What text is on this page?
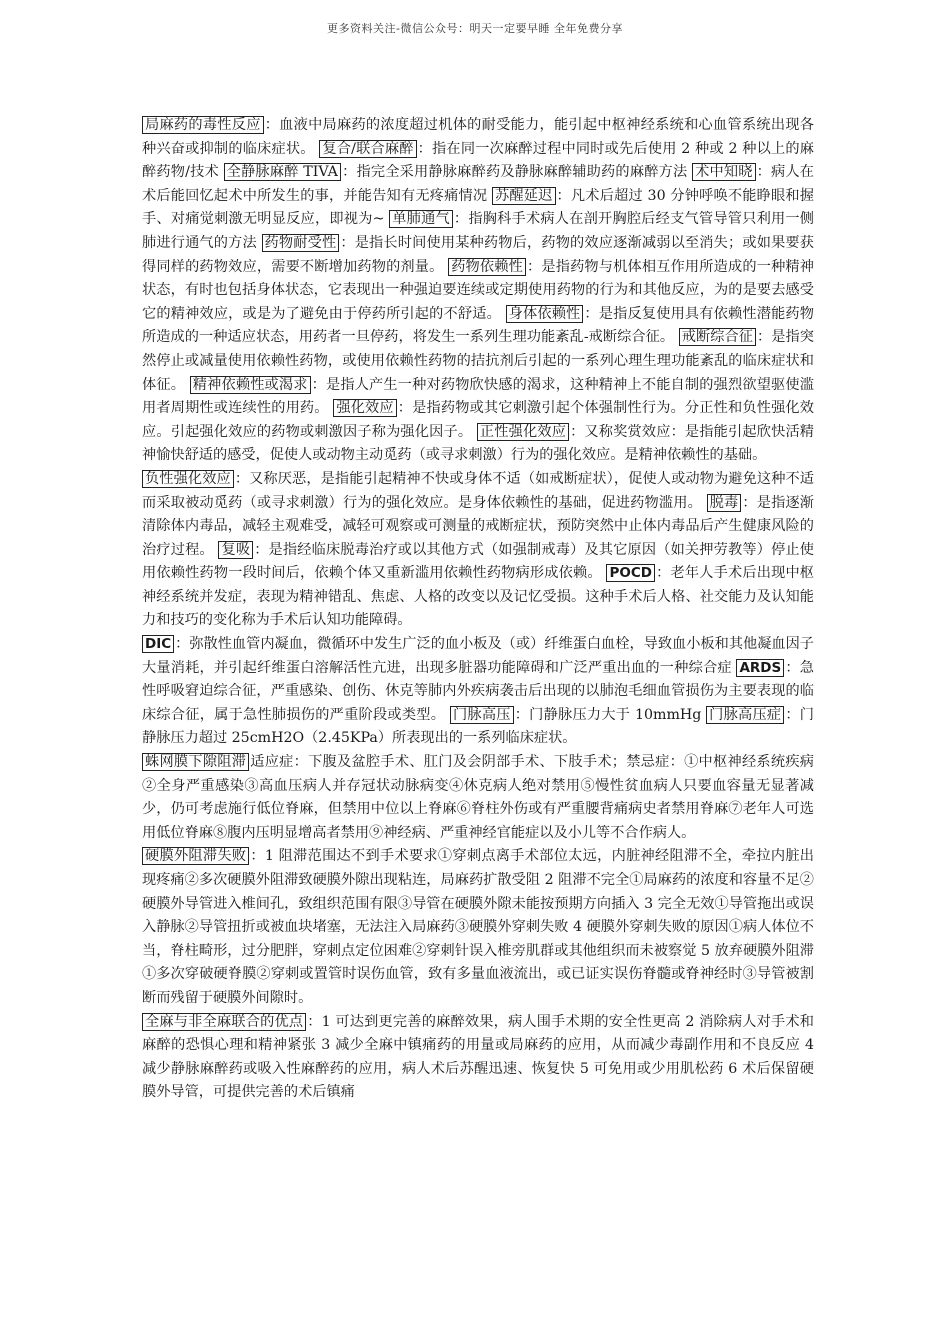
更多资料关注-微信公众号：明天一定要早睡 全年免费分享

局麻药的毒性反应 ：血液中局麻药的浓度超过机体的耐受能力，能引起中枢神经系统和心血管系统出现各种兴奋或抑制的临床症状。 复合/联合麻醉 ：指在同一次麻醉过程中同时或先后使用 2 种或 2 种以上的麻醉药物/技术 全静脉麻醉 TIVA ：指完全采用静脉麻醉药及静脉麻醉辅助药的麻醉方法 术中知晓 ：病人在术后能回忆起术中所发生的事，并能告知有无疼痛情况 苏醒延迟 ：凡术后超过 30 分钟呼唤不能睁眼和握手、对痛觉刺激无明显反应，即视为~ 单肺通气 ：指胸科手术病人在剖开胸腔后经支气管导管只利用一侧肺进行通气的方法 药物耐受性 ：是指长时间使用某种药物后，药物的效应逐渐减弱以至消失；或如果要获得同样的药物效应，需要不断增加药物的剂量。 药物依赖性 ：是指药物与机体相互作用所造成的一种精神状态，有时也包括身体状态，它表现出一种强迫要连续或定期使用药物的行为和其他反应，为的是要去感受它的精神效应，或是为了避免由于停药所引起的不舒适。 身体依赖性 ：是指反复使用具有依赖性潜能药物所造成的一种适应状态，用药者一旦停药，将发生一系列生理功能紊乱-戒断综合征。 戒断综合征 ：是指突然停止或减量使用依赖性药物，或使用依赖性药物的拮抗剂后引起的一系列心理生理功能紊乱的临床症状和体征。 精神依赖性或渴求 ：是指人产生一种对药物欣快感的渴求，这种精神上不能自制的强烈欲望驱使滥用者周期性或连续性的用药。 强化效应 ：是指药物或其它刺激引起个体强制性行为。分正性和负性强化效应。引起强化效应的药物或刺激因子称为强化因子。 正性强化效应 ：又称奖赏效应：是指能引起欣快活精神愉快舒适的感受，促使人或动物主动觅药（或寻求刺激）行为的强化效应。是精神依赖性的基础。

负性强化效应 ：又称厌恶，是指能引起精神不快或身体不适（如戒断症状），促使人或动物为避免这种不适而采取被动觅药（或寻求刺激）行为的强化效应。是身体依赖性的基础，促进药物滥用。 脱毒 ：是指逐渐清除体内毒品，减轻主观难受，减轻可观察或可测量的戒断症状，预防突然中止体内毒品后产生健康风险的治疗过程。 复吸 ：是指经临床脱毒治疗或以其他方式（如强制戒毒）及其它原因（如关押劳教等）停止使用依赖性药物一段时间后，依赖个体又重新滥用依赖性药物病形成依赖。 POCD ：老年人手术后出现中枢神经系统并发症，表现为精神错乱、焦虑、人格的改变以及记忆受损。这种手术后人格、社交能力及认知能力和技巧的变化称为手术后认知功能障碍。

DIC ：弥散性血管内凝血，微循环中发生广泛的血小板及（或）纤维蛋白血栓，导致血小板和其他凝血因子大量消耗，并引起纤维蛋白溶解活性亢进，出现多脏器功能障碍和广泛严重出血的一种综合症 ARDS ：急性呼吸窘迫综合征，严重感染、创伤、休克等肺内外疾病袭击后出现的以肺泡毛细血管损伤为主要表现的临床综合征，属于急性肺损伤的严重阶段或类型。 门脉高压 ：门静脉压力大于 10mmHg 门脉高压症 ：门静脉压力超过 25cmH2O（2.45KPa）所表现出的一系列临床症状。

蛛网膜下隙阻滞 适应症：下腹及盆腔手术、肛门及会阴部手术、下肢手术；禁忌症：①中枢神经系统疾病②全身严重感染③高血压病人并存冠状动脉病变④休克病人绝对禁用⑤慢性贫血病人只要血容量无显著减少，仍可考虑施行低位脊麻，但禁用中位以上脊麻⑥脊柱外伤或有严重腰背痛病史者禁用脊麻⑦老年人可选用低位脊麻⑧腹内压明显增高者禁用⑨神经病、严重神经官能症以及小儿等不合作病人。

硬膜外阻滞失败 ：1 阻滞范围达不到手术要求①穿刺点离手术部位太远，内脏神经阻滞不全，牵拉内脏出现疼痛②多次硬膜外阻滞致硬膜外隙出现粘连，局麻药扩散受阻 2 阻滞不完全①局麻药的浓度和容量不足②硬膜外导管进入椎间孔，致组织范围有限③导管在硬膜外隙未能按预期方向插入 3 完全无效①导管拖出或误入静脉②导管扭折或被血块堵塞，无法注入局麻药③硬膜外穿刺失败 4 硬膜外穿刺失败的原因①病人体位不当，脊柱畸形，过分肥胖，穿刺点定位困难②穿刺针误入椎旁肌群或其他组织而未被察觉 5 放弃硬膜外阻滞①多次穿破硬脊膜②穿刺或置管时误伤血管，致有多量血液流出，或已证实误伤脊髓或脊神经时③导管被割断而残留于硬膜外间隙时。

全麻与非全麻联合的优点 ：1 可达到更完善的麻醉效果，病人围手术期的安全性更高 2 消除病人对手术和麻醉的恐惧心理和精神紧张 3 减少全麻中镇痛药的用量或局麻药的应用，从而减少毒副作用和不良反应 4 减少静脉麻醉药或吸入性麻醉药的应用，病人术后苏醒迅速、恢复快 5 可免用或少用肌松药 6 术后保留硬膜外导管，可提供完善的术后镇痛
